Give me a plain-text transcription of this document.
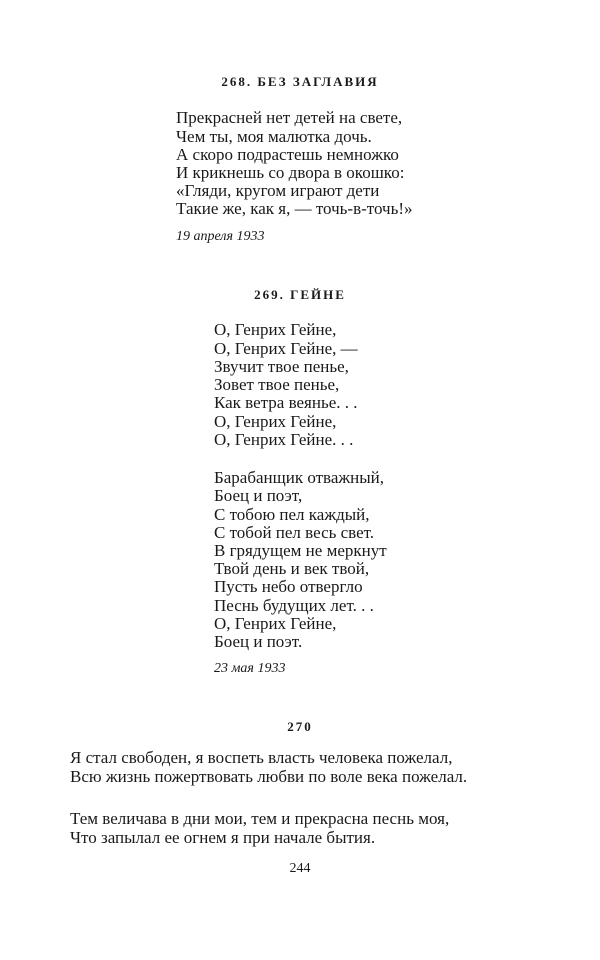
268. БЕЗ ЗАГЛАВИЯ
Прекрасней нет детей на свете,
Чем ты, моя малютка дочь.
А скоро подрастешь немножко
И крикнешь со двора в окошко:
«Гляди, кругом играют дети
Такие же, как я, — точь-в-точь!»
19 апреля 1933
269. ГЕЙНЕ
О, Генрих Гейне,
О, Генрих Гейне, —
Звучит твое пенье,
Зовет твое пенье,
Как ветра веянье. . .
О, Генрих Гейне,
О, Генрих Гейне. . .
Барабанщик отважный,
Боец и поэт,
С тобою пел каждый,
С тобой пел весь свет.
В грядущем не меркнут
Твой день и век твой,
Пусть небо отвергло
Песнь будущих лет. . .
О, Генрих Гейне,
Боец и поэт.
23 мая 1933
270
Я стал свободен, я воспеть власть человека пожелал,
Всю жизнь пожертвовать любви по воле века пожелал.
Тем величава в дни мои, тем и прекрасна песнь моя,
Что запылал ее огнем я при начале бытия.
244
